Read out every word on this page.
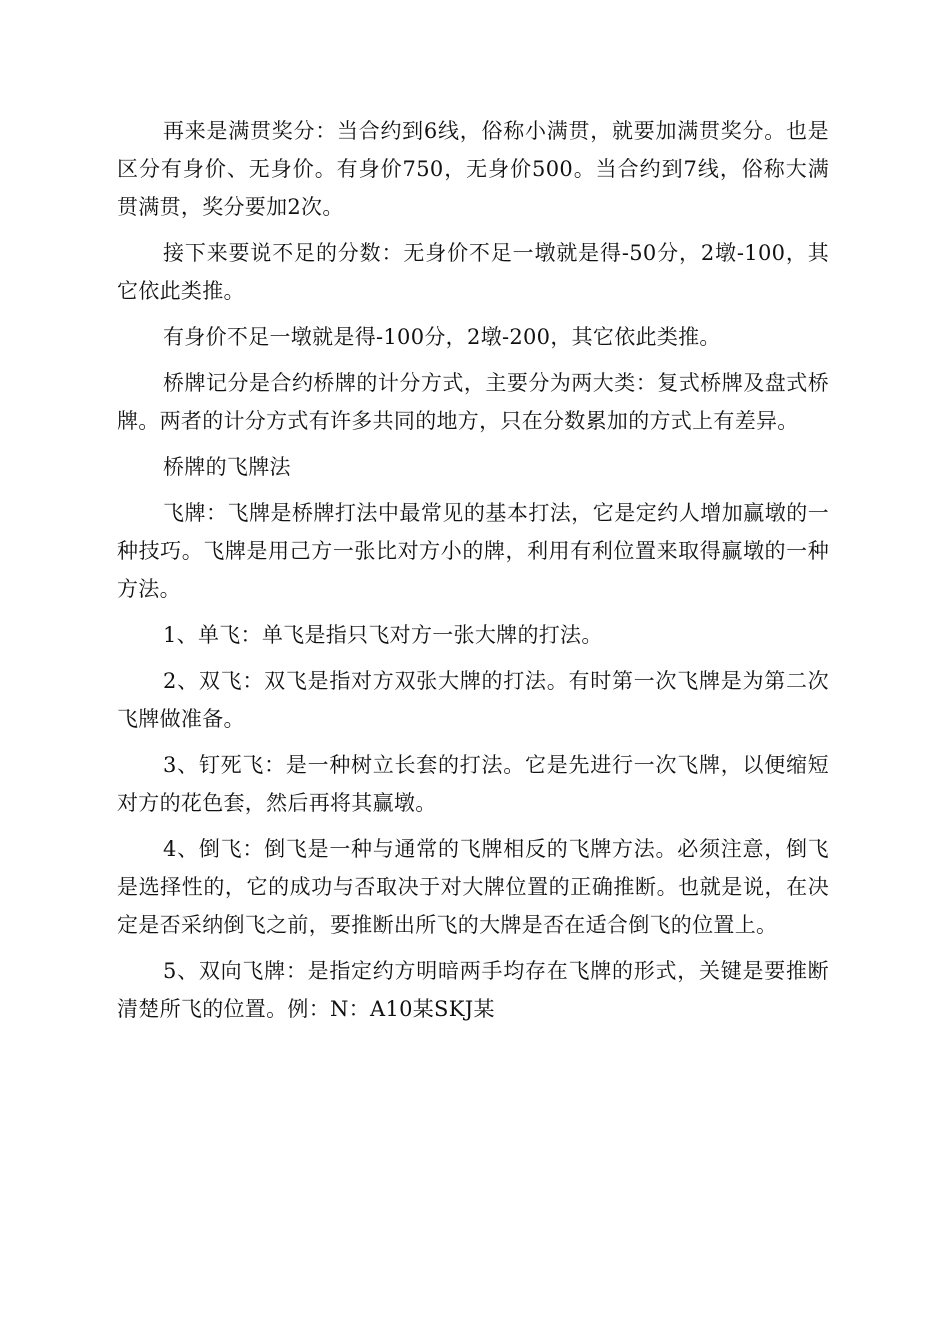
再来是满贯奖分：当合约到6线，俗称小满贯，就要加满贯奖分。也是区分有身价、无身价。有身价750，无身价500。当合约到7线，俗称大满贯满贯，奖分要加2次。

接下来要说不足的分数：无身价不足一墩就是得-50分，2墩-100，其它依此类推。

有身价不足一墩就是得-100分，2墩-200，其它依此类推。

桥牌记分是合约桥牌的计分方式，主要分为两大类：复式桥牌及盘式桥牌。两者的计分方式有许多共同的地方，只在分数累加的方式上有差异。

桥牌的飞牌法

飞牌：飞牌是桥牌打法中最常见的基本打法，它是定约人增加赢墩的一种技巧。飞牌是用己方一张比对方小的牌，利用有利位置来取得赢墩的一种方法。

1、单飞：单飞是指只飞对方一张大牌的打法。

2、双飞：双飞是指对方双张大牌的打法。有时第一次飞牌是为第二次飞牌做准备。

3、钉死飞：是一种树立长套的打法。它是先进行一次飞牌，以便缩短对方的花色套，然后再将其赢墩。

4、倒飞：倒飞是一种与通常的飞牌相反的飞牌方法。必须注意，倒飞是选择性的，它的成功与否取决于对大牌位置的正确推断。也就是说，在决定是否采纳倒飞之前，要推断出所飞的大牌是否在适合倒飞的位置上。

5、双向飞牌：是指定约方明暗两手均存在飞牌的形式，关键是要推断清楚所飞的位置。例：N：A10某SKJ某
